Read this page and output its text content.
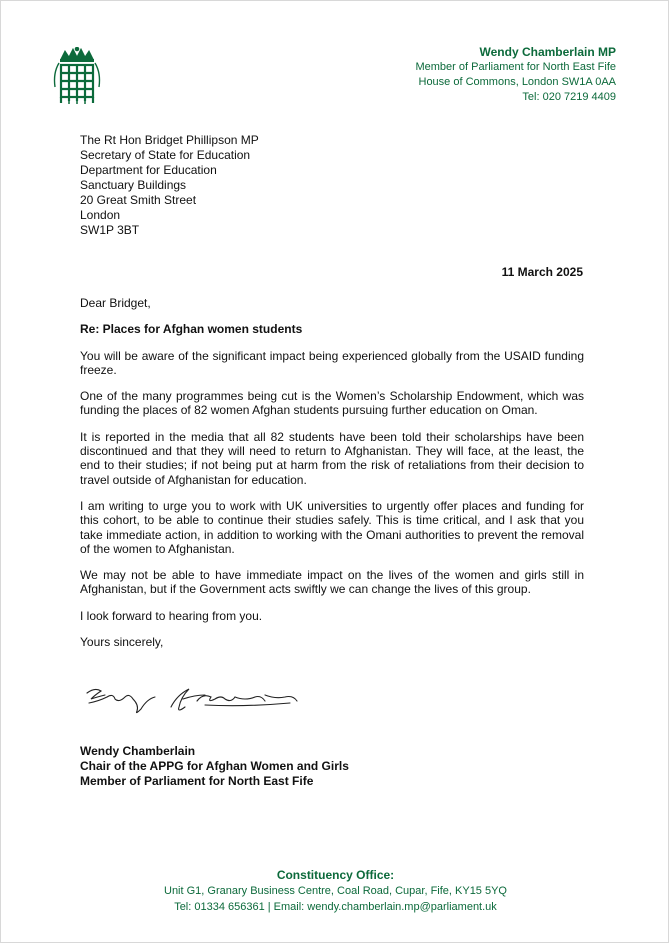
Wendy Chamberlain MP
Member of Parliament for North East Fife
House of Commons, London SW1A 0AA
Tel: 020 7219 4409
The Rt Hon Bridget Phillipson MP
Secretary of State for Education
Department for Education
Sanctuary Buildings
20 Great Smith Street
London
SW1P 3BT
11 March 2025

Dear Bridget,

Re: Places for Afghan women students

You will be aware of the significant impact being experienced globally from the USAID funding freeze.

One of the many programmes being cut is the Women’s Scholarship Endowment, which was funding the places of 82 women Afghan students pursuing further education on Oman.

It is reported in the media that all 82 students have been told their scholarships have been discontinued and that they will need to return to Afghanistan. They will face, at the least, the end to their studies; if not being put at harm from the risk of retaliations from their decision to travel outside of Afghanistan for education.

I am writing to urge you to work with UK universities to urgently offer places and funding for this cohort, to be able to continue their studies safely. This is time critical, and I ask that you take immediate action, in addition to working with the Omani authorities to prevent the removal of the women to Afghanistan.

We may not be able to have immediate impact on the lives of the women and girls still in Afghanistan, but if the Government acts swiftly we can change the lives of this group.

I look forward to hearing from you.

Yours sincerely,

Wendy Chamberlain
Chair of the APPG for Afghan Women and Girls
Member of Parliament for North East Fife
Constituency Office:
Unit G1, Granary Business Centre, Coal Road, Cupar, Fife, KY15 5YQ
Tel: 01334 656361 | Email: wendy.chamberlain.mp@parliament.uk
